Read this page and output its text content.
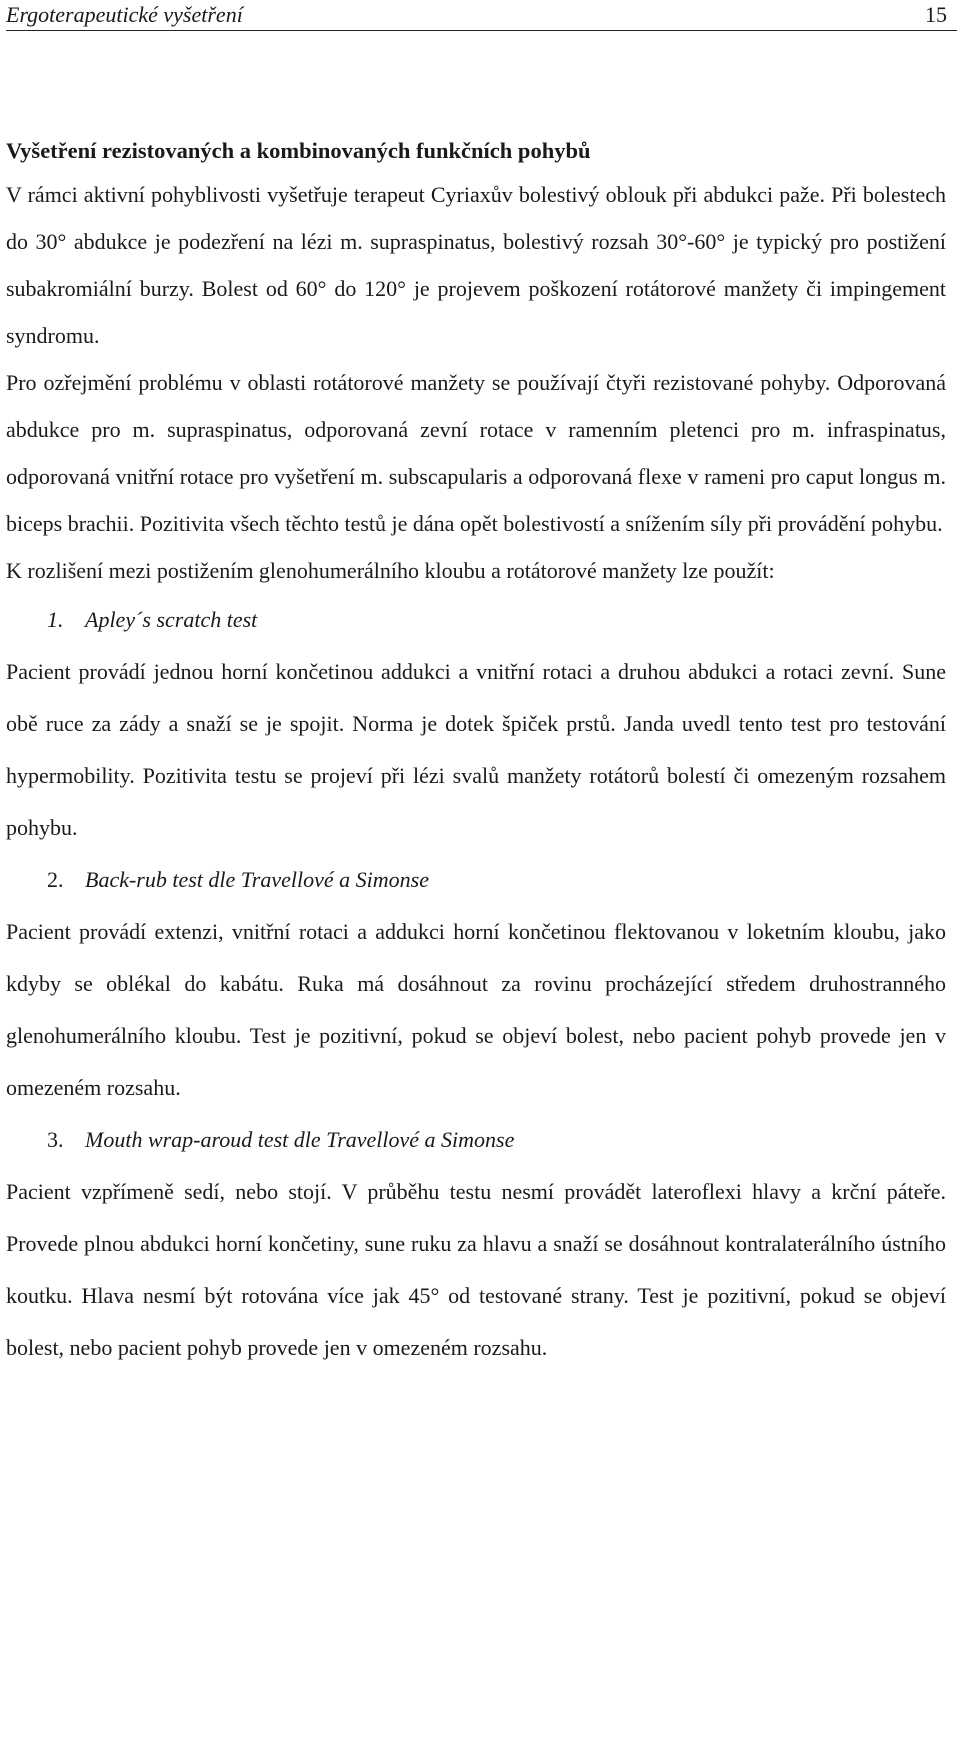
Ergoterapeutické vyšetření	15

Vyšetření rezistovaných a kombinovaných funkčních pohybů

V rámci aktivní pohyblivosti vyšetřuje terapeut Cyriaxův bolestivý oblouk při abdukci paže. Při bolestech do 30° abdukce je podezření na lézi m. supraspinatus, bolestivý rozsah 30°-60° je typický pro postižení subakromiální burzy. Bolest od 60° do 120° je projevem poškození rotátorové manžety či impingement syndromu.

Pro ozřejmění problému v oblasti rotátorové manžety se používají čtyři rezistované pohyby. Odporovaná abdukce pro m. supraspinatus, odporovaná zevní rotace v ramenním pletenci pro m. infraspinatus, odporovaná vnitřní rotace pro vyšetření m. subscapularis a odporovaná flexe v rameni pro caput longus m. biceps brachii. Pozitivita všech těchto testů je dána opět bolestivostí a snížením síly při provádění pohybu.

K rozlišení mezi postižením glenohumerálního kloubu a rotátorové manžety lze použít:

1. Apley´s scratch test

Pacient provádí jednou horní končetinou addukci a vnitřní rotaci a druhou abdukci a rotaci zevní. Sune obě ruce za zády a snaží se je spojit. Norma je dotek špiček prstů. Janda uvedl tento test pro testování hypermobility. Pozitivita testu se projeví při lézi svalů manžety rotátorů bolestí či omezeným rozsahem pohybu.

2. Back-rub test dle Travellové a Simonse

Pacient provádí extenzi, vnitřní rotaci a addukci horní končetinou flektovanou v loketním kloubu, jako kdyby se oblékal do kabátu. Ruka má dosáhnout za rovinu procházející středem druhostranného glenohumerálního kloubu. Test je pozitivní, pokud se objeví bolest, nebo pacient pohyb provede jen v omezeném rozsahu.

3. Mouth wrap-aroud test dle Travellové a Simonse

Pacient vzpřímeně sedí, nebo stojí. V průběhu testu nesmí provádět lateroflexi hlavy a krční páteře. Provede plnou abdukci horní končetiny, sune ruku za hlavu a snaží se dosáhnout kontralaterálního ústního koutku. Hlava nesmí být rotována více jak 45° od testované strany. Test je pozitivní, pokud se objeví bolest, nebo pacient pohyb provede jen v omezeném rozsahu.
